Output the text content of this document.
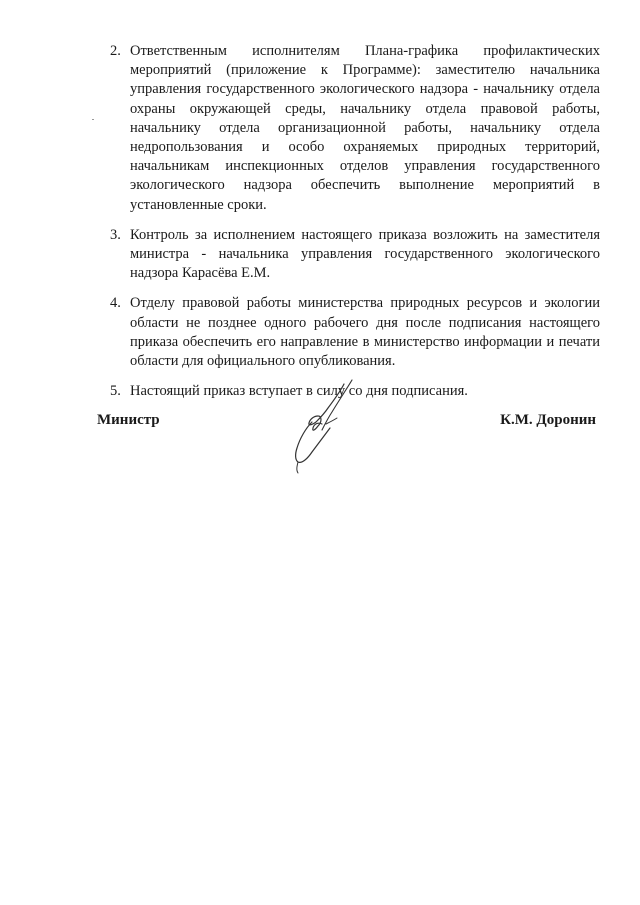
2. Ответственным исполнителям Плана-графика профилактических мероприятий (приложение к Программе): заместителю начальника управления государственного экологического надзора - начальнику отдела охраны окружающей среды, начальнику отдела правовой работы, начальнику отдела организационной работы, начальнику отдела недропользования и особо охраняемых природных территорий, начальникам инспекционных отделов управления государственного экологического надзора обеспечить выполнение мероприятий в установленные сроки.
3. Контроль за исполнением настоящего приказа возложить на заместителя министра - начальника управления государственного экологического надзора Карасёва Е.М.
4. Отделу правовой работы министерства природных ресурсов и экологии области не позднее одного рабочего дня после подписания настоящего приказа обеспечить его направление в министерство информации и печати области для официального опубликования.
5. Настоящий приказ вступает в силу со дня подписания.
Министр	К.М. Доронин
